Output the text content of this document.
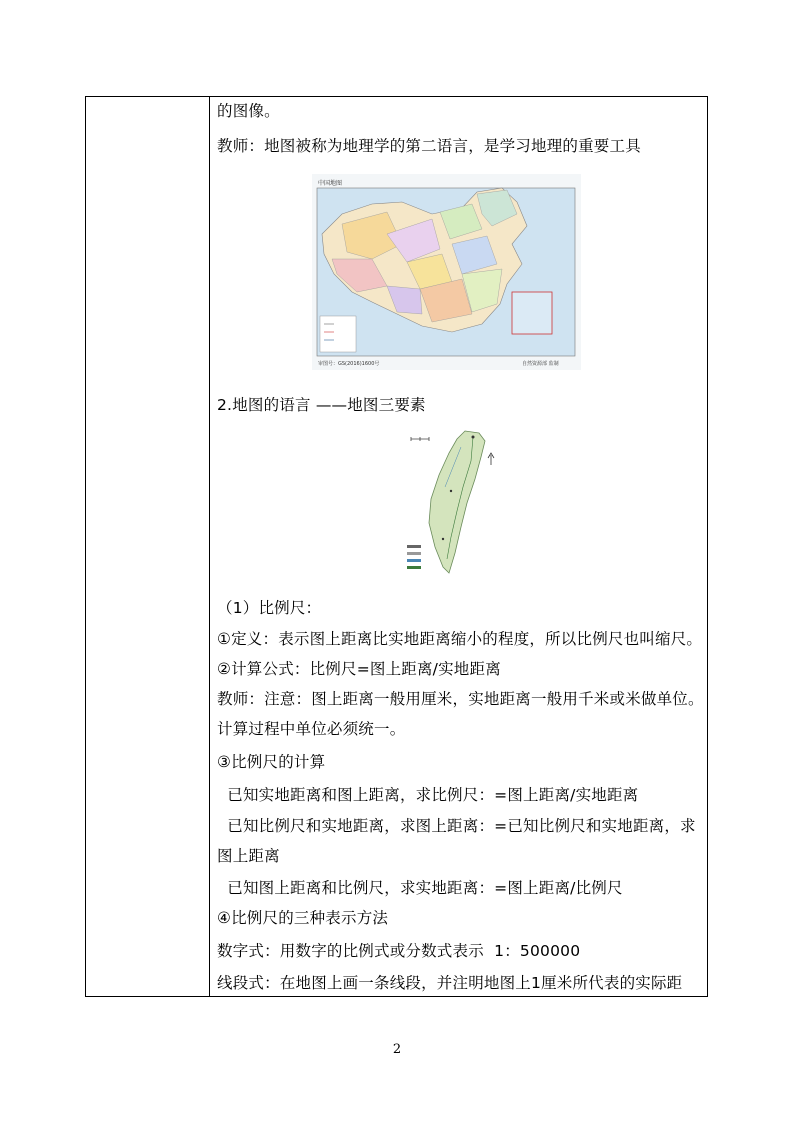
的图像。
教师：地图被称为地理学的第二语言，是学习地理的重要工具
中国地图
审图号：GS(2016)1600号	自然资源部 监制
2.地图的语言 ——地图三要素
（1）比例尺：
①定义：表示图上距离比实地距离缩小的程度，所以比例尺也叫缩尺。
②计算公式：比例尺=图上距离/实地距离
教师：注意：图上距离一般用厘米，实地距离一般用千米或米做单位。
计算过程中单位必须统一。
③比例尺的计算
已知实地距离和图上距离，求比例尺：=图上距离/实地距离
已知比例尺和实地距离，求图上距离：=已知比例尺和实地距离，求
图上距离
已知图上距离和比例尺，求实地距离：=图上距离/比例尺
④比例尺的三种表示方法
数字式：用数字的比例式或分数式表示  1：500000
线段式：在地图上画一条线段，并注明地图上1厘米所代表的实际距
2
